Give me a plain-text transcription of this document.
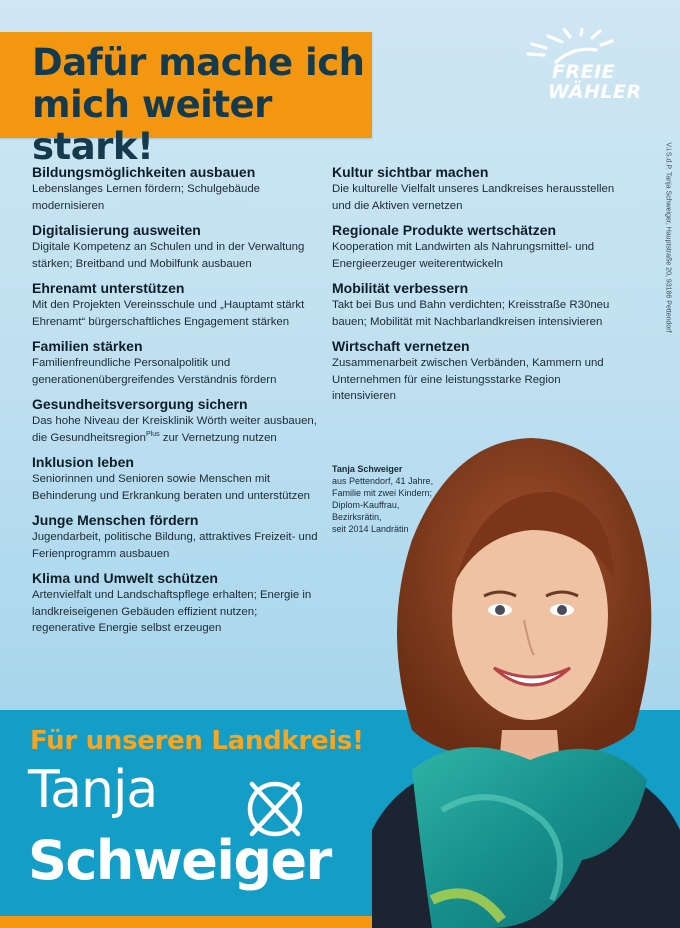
Dafür mache ich
mich weiter stark!
FREIE
WÄHLER
V.i.S.d.P. Tanja Schweiger, Hauptstraße 20, 93186 Pettendorf
Bildungsmöglichkeiten ausbauen

Lebenslanges Lernen fördern; Schulgebäude modernisieren

Digitalisierung ausweiten

Digitale Kompetenz an Schulen und in der Verwaltung stärken; Breitband und Mobilfunk ausbauen

Ehrenamt unterstützen

Mit den Projekten Vereinsschule und „Hauptamt stärkt Ehrenamt“ bürgerschaftliches Engagement stärken

Familien stärken

Familienfreundliche Personalpolitik und generationenübergreifendes Verständnis fördern

Gesundheitsversorgung sichern

Das hohe Niveau der Kreisklinik Wörth weiter ausbauen, die Gesundheitsregion$^{Plus}$ zur Vernetzung nutzen

Inklusion leben

Seniorinnen und Senioren sowie Menschen mit Behinderung und Erkrankung beraten und unterstützen

Junge Menschen fördern

Jugendarbeit, politische Bildung, attraktives Freizeit- und Ferienprogramm ausbauen

Klima und Umwelt schützen

Artenvielfalt und Landschaftspflege erhalten; Energie in landkreiseigenen Gebäuden effizient nutzen; regenerative Energie selbst erzeugen

Kultur sichtbar machen

Die kulturelle Vielfalt unseres Landkreises herausstellen und die Aktiven vernetzen

Regionale Produkte wertschätzen

Kooperation mit Landwirten als Nahrungsmittel- und Energieerzeuger weiterentwickeln

Mobilität verbessern

Takt bei Bus und Bahn verdichten; Kreisstraße R30neu bauen; Mobilität mit Nachbarlandkreisen intensivieren

Wirtschaft vernetzen

Zusammenarbeit zwischen Verbänden, Kammern und Unternehmen für eine leistungsstarke Region intensivieren

Tanja Schweiger
aus Pettendorf, 41 Jahre,
Familie mit zwei Kindern;
Diplom-Kauffrau,
Bezirksrätin,
seit 2014 Landrätin
Für unseren Landkreis!
Tanja
Schweiger
